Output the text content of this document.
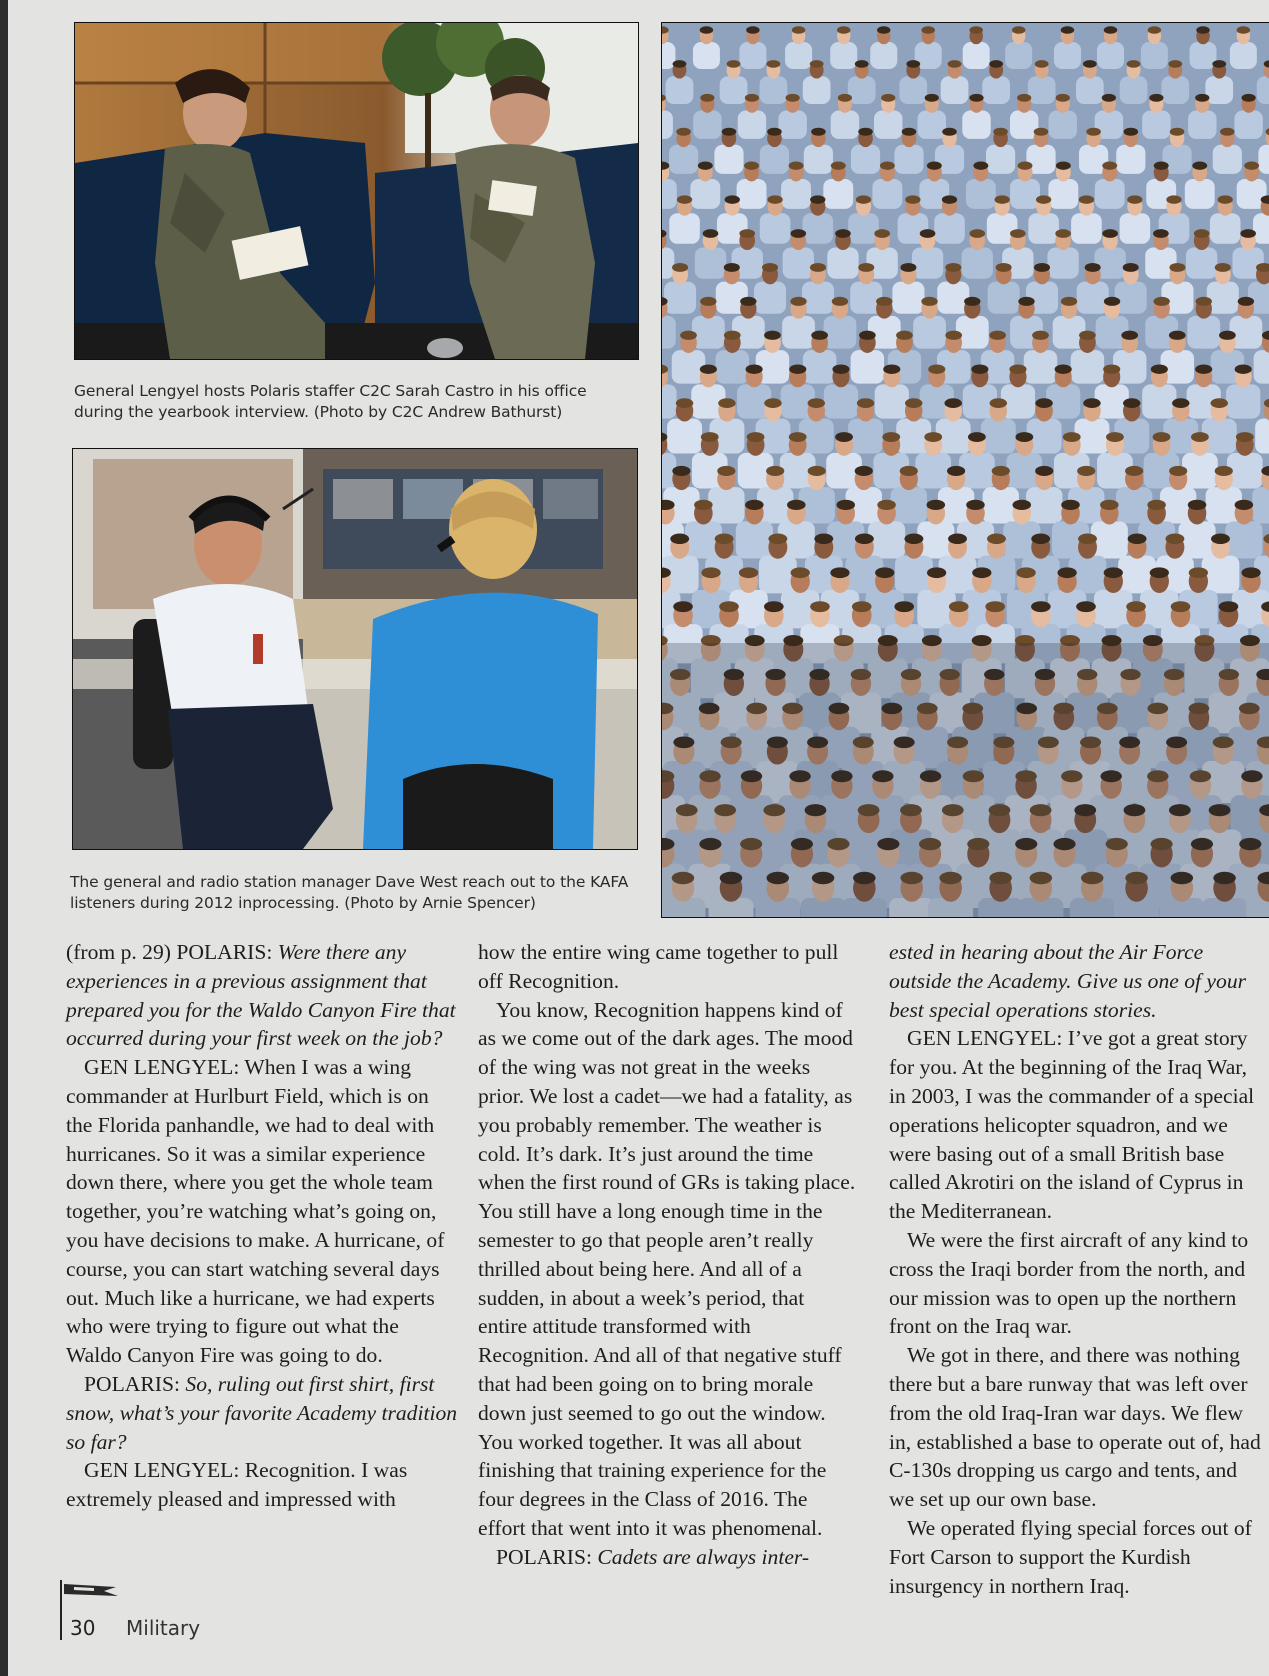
General Lengyel hosts Polaris staffer C2C Sarah Castro in his office during the yearbook interview. (Photo by C2C Andrew Bathurst)
The general and radio station manager Dave West reach out to the KAFA listeners during 2012 inprocessing. (Photo by Arnie Spencer)

(from p. 29) POLARIS: Were there any experiences in a previous assignment that prepared you for the Waldo Canyon Fire that occurred during your first week on the job?

GEN LENGYEL: When I was a wing commander at Hurlburt Field, which is on the Florida panhandle, we had to deal with hurricanes. So it was a similar experience down there, where you get the whole team together, you’re watching what’s going on, you have decisions to make. A hurricane, of course, you can start watching several days out. Much like a hurricane, we had experts who were trying to figure out what the Waldo Canyon Fire was going to do.

POLARIS: So, ruling out first shirt, first snow, what’s your favorite Academy tradition so far?

GEN LENGYEL: Recognition. I was extremely pleased and impressed with

how the entire wing came together to pull off Recognition.

You know, Recognition happens kind of as we come out of the dark ages. The mood of the wing was not great in the weeks prior. We lost a cadet—we had a fatality, as you probably remember. The weather is cold. It’s dark. It’s just around the time when the first round of GRs is taking place. You still have a long enough time in the semester to go that people aren’t really thrilled about being here. And all of a sudden, in about a week’s period, that entire attitude transformed with Recognition. And all of that negative stuff that had been going on to bring morale down just seemed to go out the window. You worked together. It was all about finishing that training experience for the four degrees in the Class of 2016. The effort that went into it was phenomenal.

POLARIS: Cadets are always inter-

ested in hearing about the Air Force outside the Academy. Give us one of your best special operations stories.

GEN LENGYEL: I’ve got a great story for you. At the beginning of the Iraq War, in 2003, I was the commander of a special operations helicopter squadron, and we were basing out of a small British base called Akrotiri on the island of Cyprus in the Mediterranean.

We were the first aircraft of any kind to cross the Iraqi border from the north, and our mission was to open up the northern front on the Iraq war.

We got in there, and there was nothing there but a bare runway that was left over from the old Iraq-Iran war days. We flew in, established a base to operate out of, had C-130s dropping us cargo and tents, and we set up our own base.

We operated flying special forces out of Fort Carson to support the Kurdish insurgency in northern Iraq.

30 Military
